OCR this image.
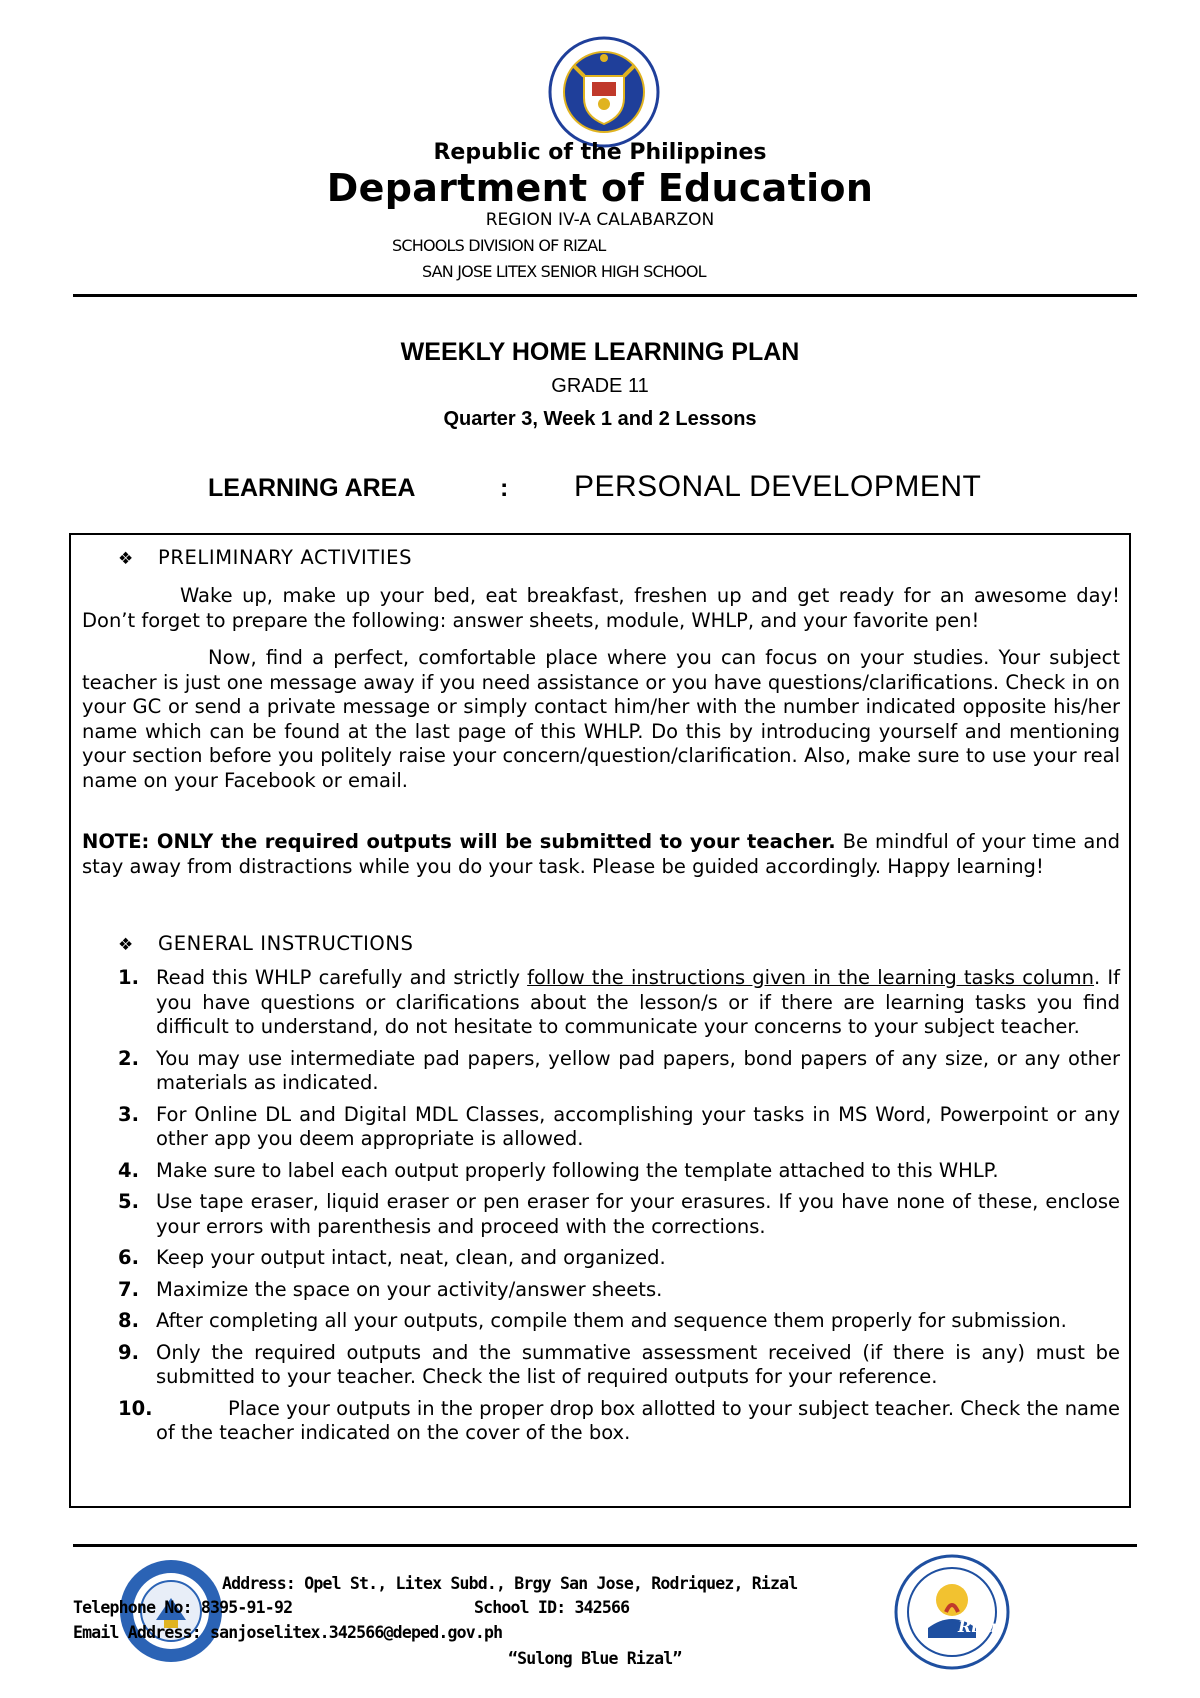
Republic of the Philippines
Department of Education
REGION IV-A CALABARZON
SCHOOLS DIVISION OF RIZAL
SAN JOSE LITEX SENIOR HIGH SCHOOL
WEEKLY HOME LEARNING PLAN
GRADE 11
Quarter 3, Week 1 and 2 Lessons
LEARNING AREA	: PERSONAL DEVELOPMENT
❖ PRELIMINARY ACTIVITIES
Wake up, make up your bed, eat breakfast, freshen up and get ready for an awesome day! Don’t forget to prepare the following: answer sheets, module, WHLP, and your favorite pen!
Now, find a perfect, comfortable place where you can focus on your studies. Your subject teacher is just one message away if you need assistance or you have questions/clarifications. Check in on your GC or send a private message or simply contact him/her with the number indicated opposite his/her name which can be found at the last page of this WHLP. Do this by introducing yourself and mentioning your section before you politely raise your concern/question/clarification. Also, make sure to use your real name on your Facebook or email.
NOTE: ONLY the required outputs will be submitted to your teacher. Be mindful of your time and stay away from distractions while you do your task. Please be guided accordingly. Happy learning!
❖ GENERAL INSTRUCTIONS
1. Read this WHLP carefully and strictly follow the instructions given in the learning tasks column. If you have questions or clarifications about the lesson/s or if there are learning tasks you find difficult to understand, do not hesitate to communicate your concerns to your subject teacher.
2. You may use intermediate pad papers, yellow pad papers, bond papers of any size, or any other materials as indicated.
3. For Online DL and Digital MDL Classes, accomplishing your tasks in MS Word, Powerpoint or any other app you deem appropriate is allowed.
4. Make sure to label each output properly following the template attached to this WHLP.
5. Use tape eraser, liquid eraser or pen eraser for your erasures. If you have none of these, enclose your errors with parenthesis and proceed with the corrections.
6. Keep your output intact, neat, clean, and organized.
7. Maximize the space on your activity/answer sheets.
8. After completing all your outputs, compile them and sequence them properly for submission.
9. Only the required outputs and the summative assessment received (if there is any) must be submitted to your teacher. Check the list of required outputs for your reference.
10.	Place your outputs in the proper drop box allotted to your subject teacher. Check the name of the teacher indicated on the cover of the box.
Rizal
Address: Opel St., Litex Subd., Brgy San Jose, Rodriquez, Rizal
Telephone No: 8395-91-92	School ID: 342566
Email Address: sanjoselitex.342566@deped.gov.ph
“Sulong Blue Rizal”
